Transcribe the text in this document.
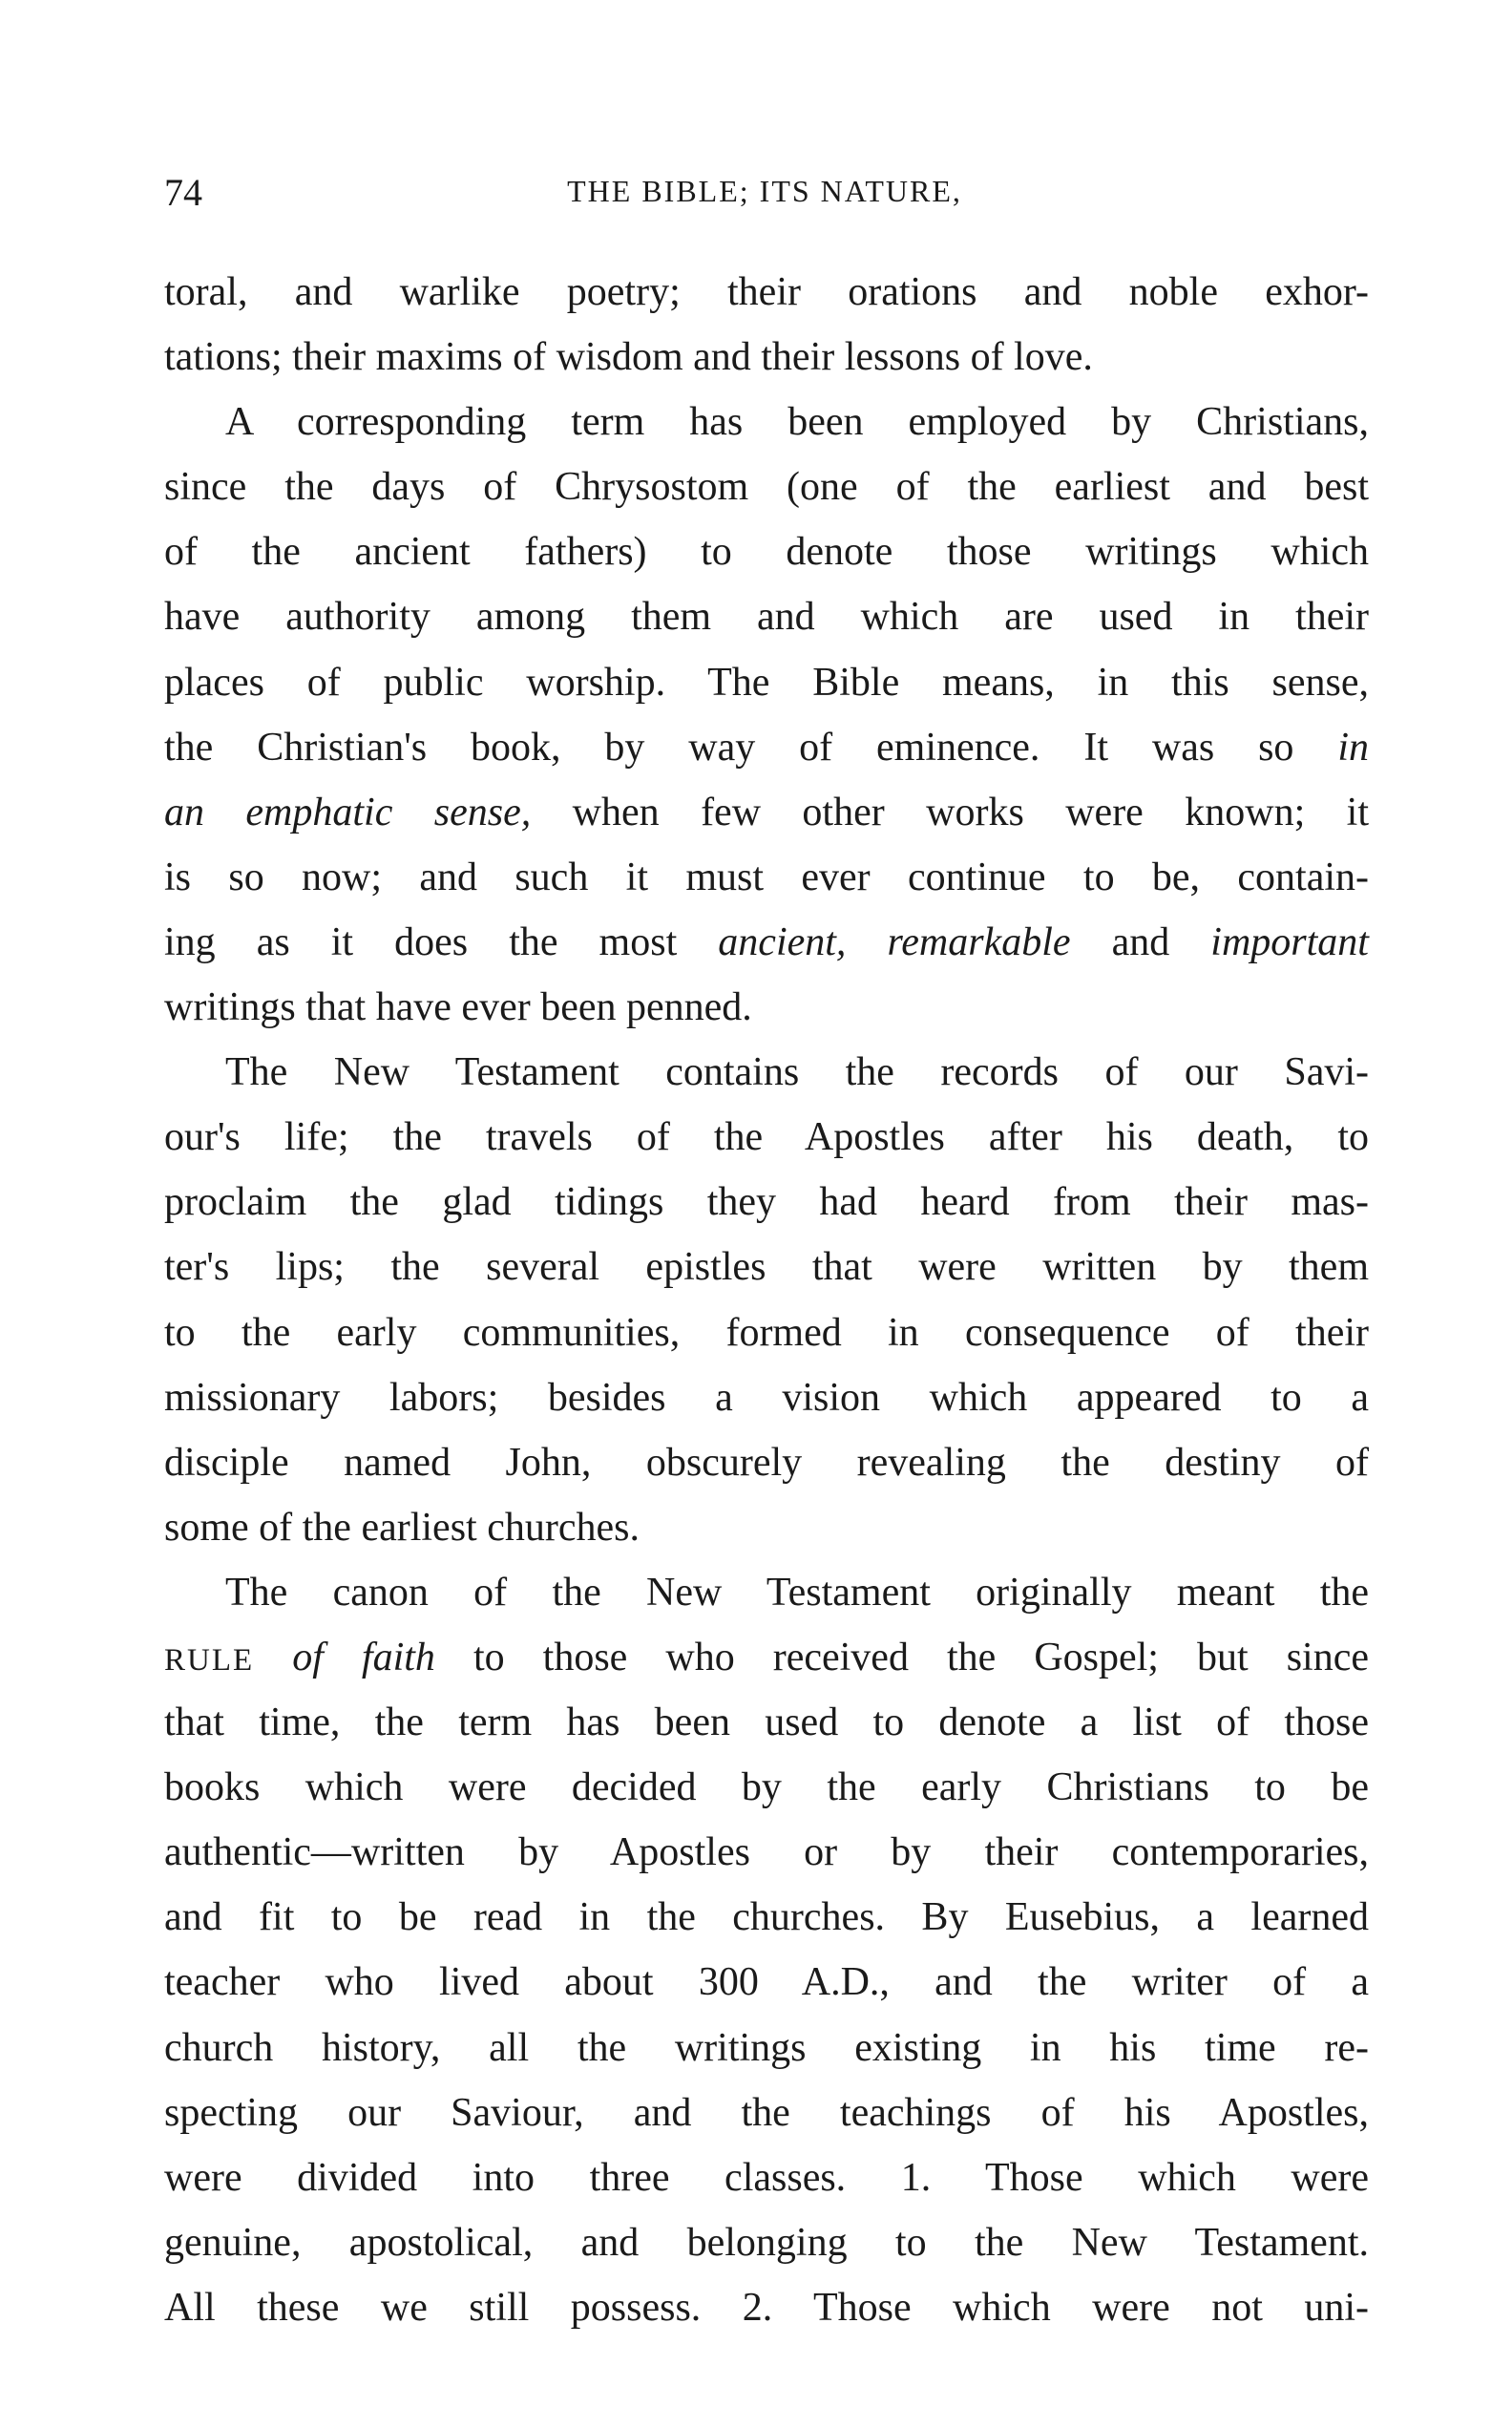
74	THE BIBLE; ITS NATURE,
toral, and warlike poetry; their orations and noble exhor-
tations; their maxims of wisdom and their lessons of love.
A corresponding term has been employed by Christians,
since the days of Chrysostom (one of the earliest and best
of the ancient fathers) to denote those writings which
have authority among them and which are used in their
places of public worship. The Bible means, in this sense,
the Christian's book, by way of eminence. It was so in
an emphatic sense, when few other works were known; it
is so now; and such it must ever continue to be, contain-
ing as it does the most ancient, remarkable and important
writings that have ever been penned.
The New Testament contains the records of our Savi-
our's life; the travels of the Apostles after his death, to
proclaim the glad tidings they had heard from their mas-
ter's lips; the several epistles that were written by them
to the early communities, formed in consequence of their
missionary labors; besides a vision which appeared to a
disciple named John, obscurely revealing the destiny of
some of the earliest churches.
The canon of the New Testament originally meant the
RULE of faith to those who received the Gospel; but since
that time, the term has been used to denote a list of those
books which were decided by the early Christians to be
authentic—written by Apostles or by their contemporaries,
and fit to be read in the churches. By Eusebius, a learned
teacher who lived about 300 A.D., and the writer of a
church history, all the writings existing in his time re-
specting our Saviour, and the teachings of his Apostles,
were divided into three classes. 1. Those which were
genuine, apostolical, and belonging to the New Testament.
All these we still possess. 2. Those which were not uni-
